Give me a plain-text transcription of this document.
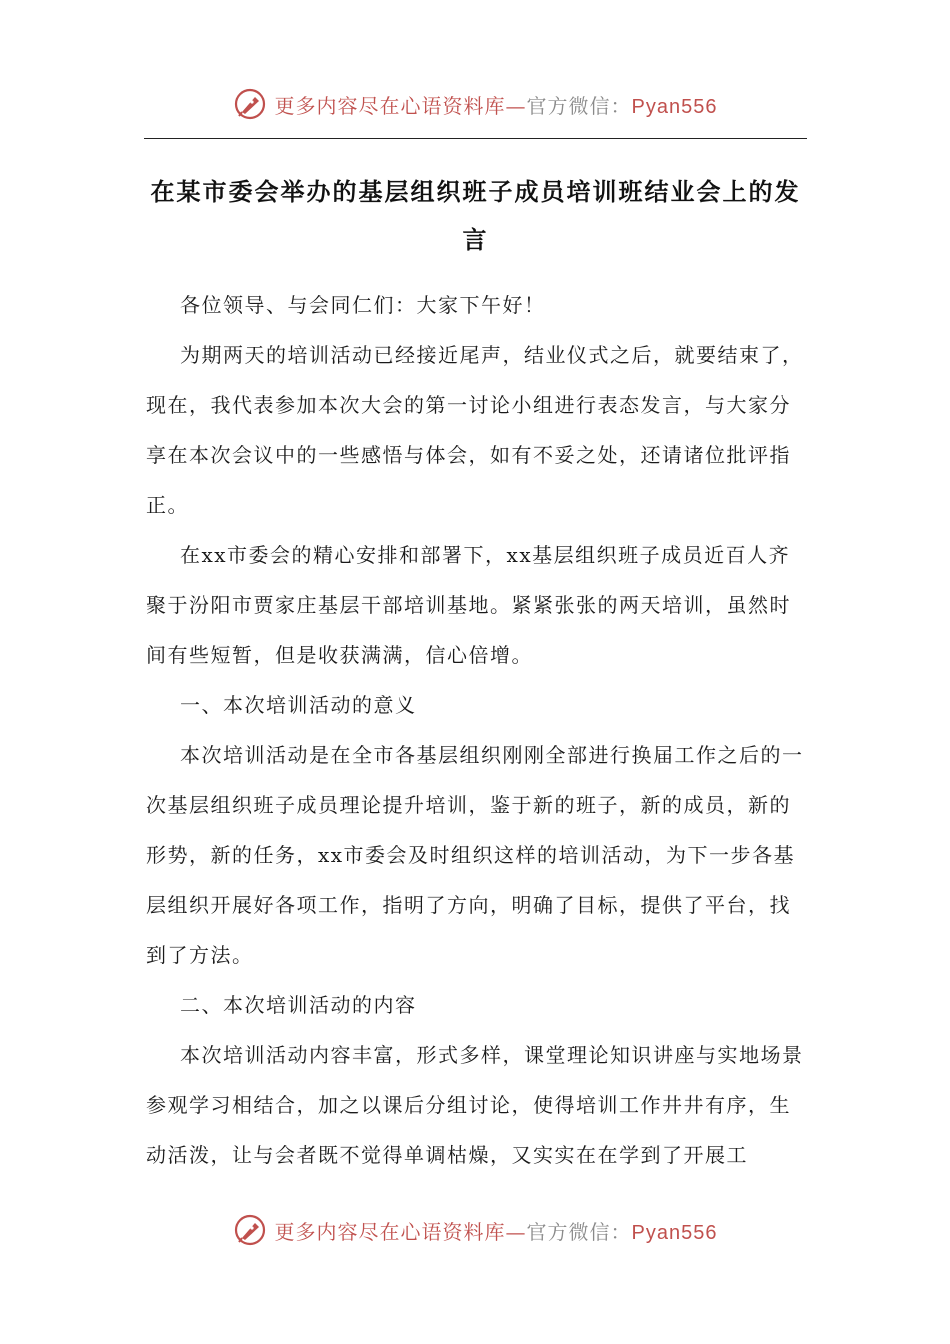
更多内容尽在心语资料库—官方微信：Pyan556
在某市委会举办的基层组织班子成员培训班结业会上的发言

各位领导、与会同仁们：大家下午好！

为期两天的培训活动已经接近尾声，结业仪式之后，就要结束了，现在，我代表参加本次大会的第一讨论小组进行表态发言，与大家分享在本次会议中的一些感悟与体会，如有不妥之处，还请诸位批评指正。

在xx市委会的精心安排和部署下，xx基层组织班子成员近百人齐聚于汾阳市贾家庄基层干部培训基地。紧紧张张的两天培训，虽然时间有些短暂，但是收获满满，信心倍增。

一、本次培训活动的意义

本次培训活动是在全市各基层组织刚刚全部进行换届工作之后的一次基层组织班子成员理论提升培训，鉴于新的班子，新的成员，新的形势，新的任务，xx市委会及时组织这样的培训活动，为下一步各基层组织开展好各项工作，指明了方向，明确了目标，提供了平台，找到了方法。

二、本次培训活动的内容

本次培训活动内容丰富，形式多样，课堂理论知识讲座与实地场景参观学习相结合，加之以课后分组讨论，使得培训工作井井有序，生动活泼，让与会者既不觉得单调枯燥，又实实在在学到了开展工

更多内容尽在心语资料库—官方微信：Pyan556
